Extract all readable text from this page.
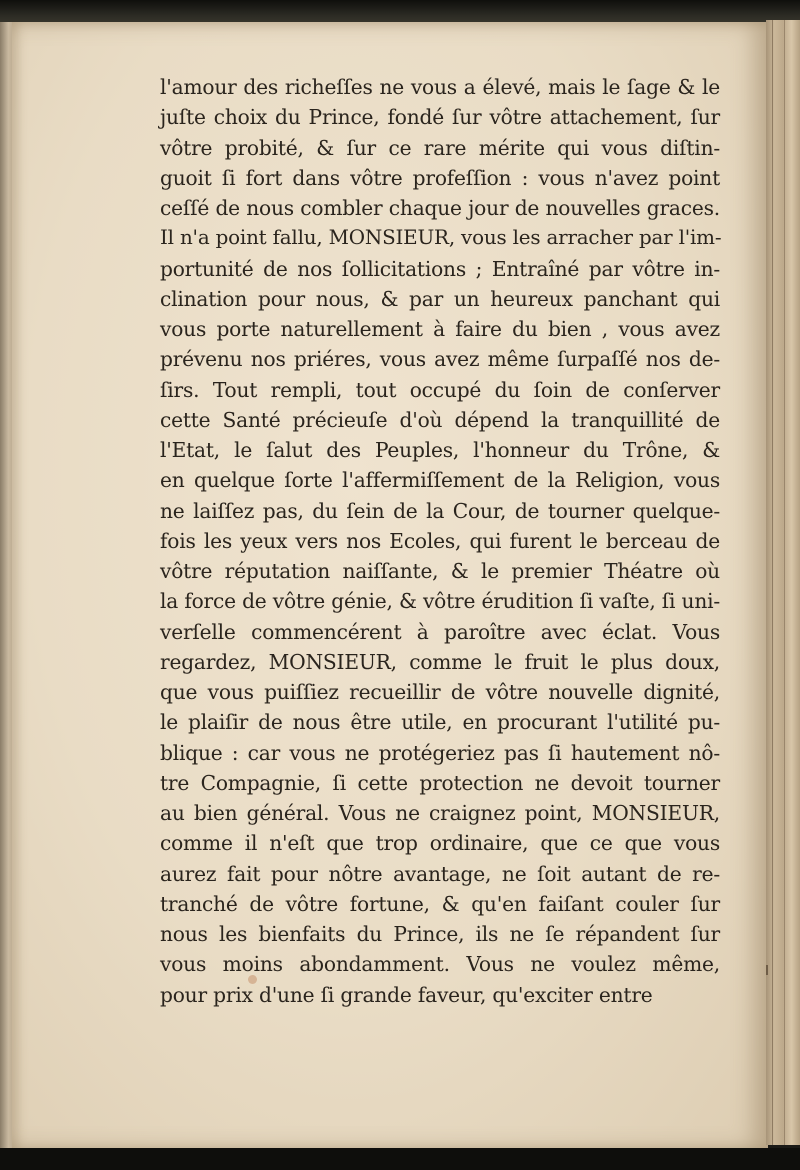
l'amour des richeſſes ne vous a élevé, mais le ſage & le
juſte choix du Prince, fondé ſur vôtre attachement, ſur
vôtre probité, & ſur ce rare mérite qui vous diſtin-
guoit ſi fort dans vôtre profeſſion : vous n'avez point
ceſſé de nous combler chaque jour de nouvelles graces.
Il n'a point fallu, MONSIEUR, vous les arracher par l'im-
portunité de nos ſollicitations ; Entraîné par vôtre in-
clination pour nous, & par un heureux panchant qui
vous porte naturellement à faire du bien , vous avez
prévenu nos priéres, vous avez même ſurpaſſé nos de-
ſirs. Tout rempli, tout occupé du ſoin de conſerver
cette Santé précieuſe d'où dépend la tranquillité de
l'Etat, le ſalut des Peuples, l'honneur du Trône, &
en quelque ſorte l'affermiſſement de la Religion, vous
ne laiſſez pas, du ſein de la Cour, de tourner quelque-
fois les yeux vers nos Ecoles, qui furent le berceau de
vôtre réputation naiſſante, & le premier Théatre où
la force de vôtre génie, & vôtre érudition ſi vaſte, ſi uni-
verſelle commencérent à paroître avec éclat. Vous
regardez, MONSIEUR, comme le fruit le plus doux,
que vous puiſſiez recueillir de vôtre nouvelle dignité,
le plaiſir de nous être utile, en procurant l'utilité pu-
blique : car vous ne protégeriez pas ſi hautement nô-
tre Compagnie, ſi cette protection ne devoit tourner
au bien général. Vous ne craignez point, MONSIEUR,
comme il n'eſt que trop ordinaire, que ce que vous
aurez fait pour nôtre avantage, ne ſoit autant de re-
tranché de vôtre fortune, & qu'en faiſant couler ſur
nous les bienfaits du Prince, ils ne ſe répandent ſur
vous moins abondamment. Vous ne voulez même,
pour prix d'une ſi grande faveur, qu'exciter entre
